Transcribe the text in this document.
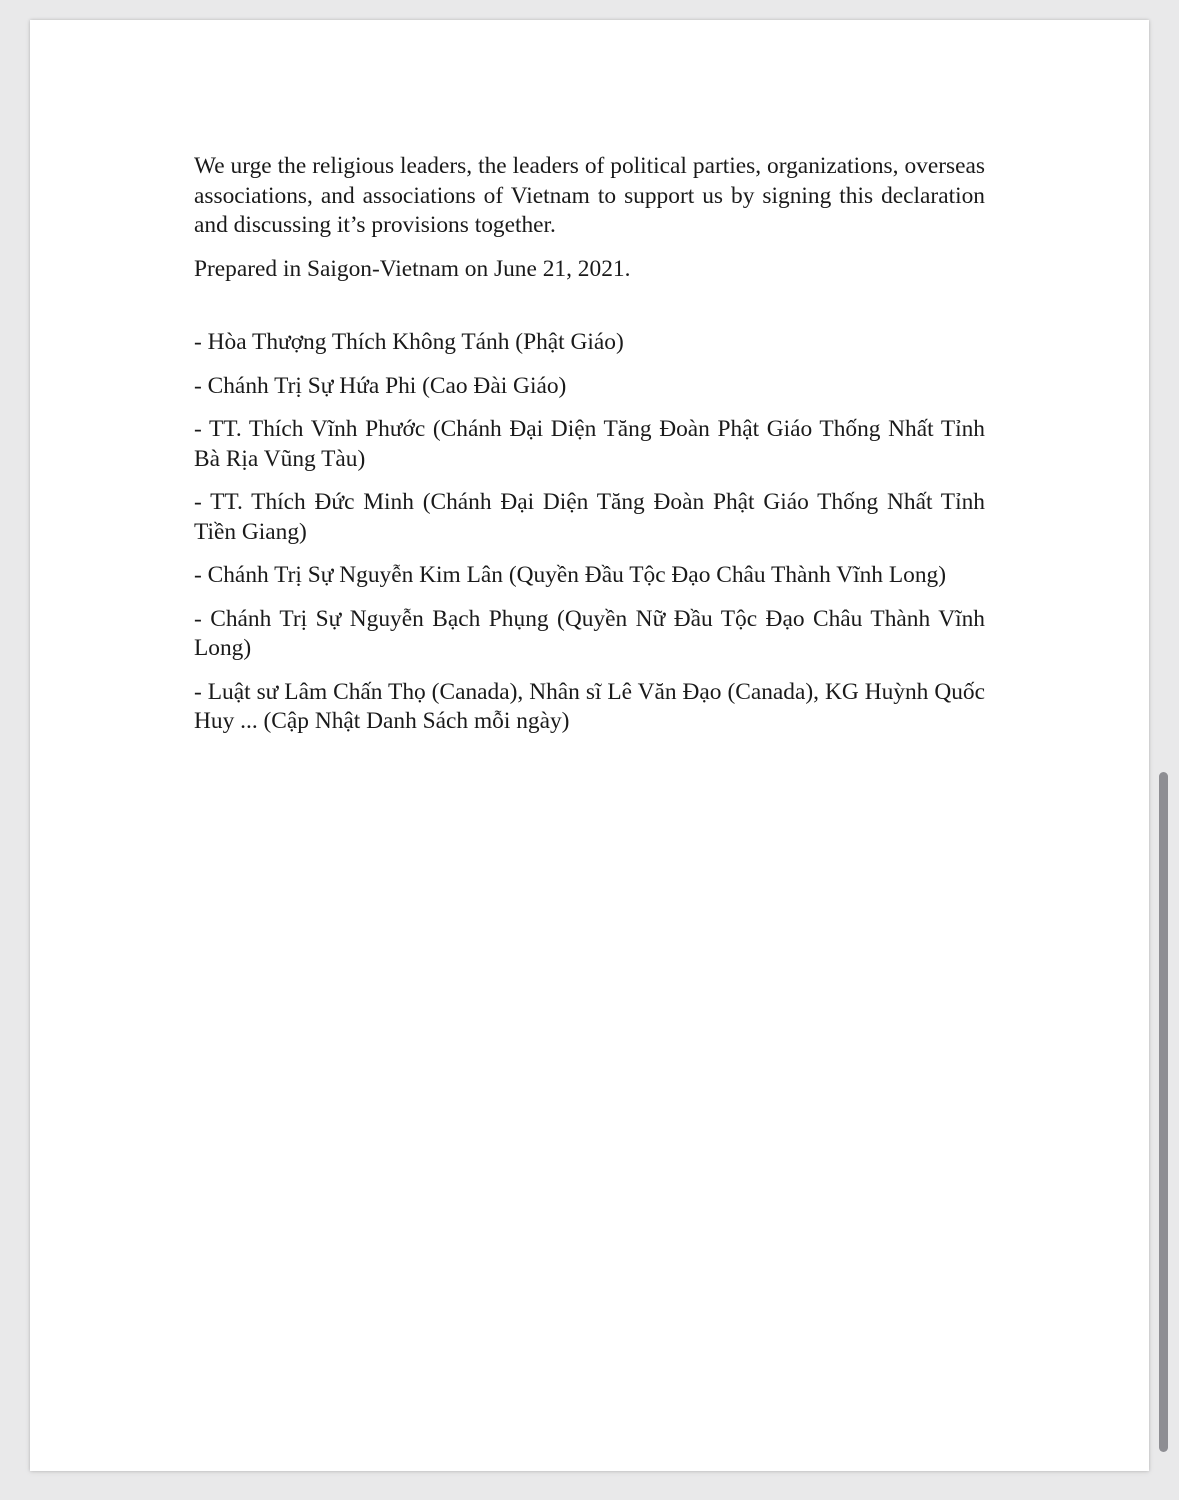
We urge the religious leaders, the leaders of political parties, organizations, overseas associations, and associations of Vietnam to support us by signing this declaration and discussing it’s provisions together.

Prepared in Saigon-Vietnam on June 21, 2021.

- Hòa Thượng Thích Không Tánh (Phật Giáo)
- Chánh Trị Sự Hứa Phi (Cao Đài Giáo)
- TT. Thích Vĩnh Phước (Chánh Đại Diện Tăng Đoàn Phật Giáo Thống Nhất Tỉnh Bà Rịa Vũng Tàu)
- TT. Thích Đức Minh (Chánh Đại Diện Tăng Đoàn Phật Giáo Thống Nhất Tỉnh Tiền Giang)
- Chánh Trị Sự Nguyễn Kim Lân (Quyền Đầu Tộc Đạo Châu Thành Vĩnh Long)
- Chánh Trị Sự Nguyễn Bạch Phụng (Quyền Nữ Đầu Tộc Đạo Châu Thành Vĩnh Long)
- Luật sư Lâm Chấn Thọ (Canada), Nhân sĩ Lê Văn Đạo (Canada), KG Huỳnh Quốc Huy ... (Cập Nhật Danh Sách mỗi ngày)
